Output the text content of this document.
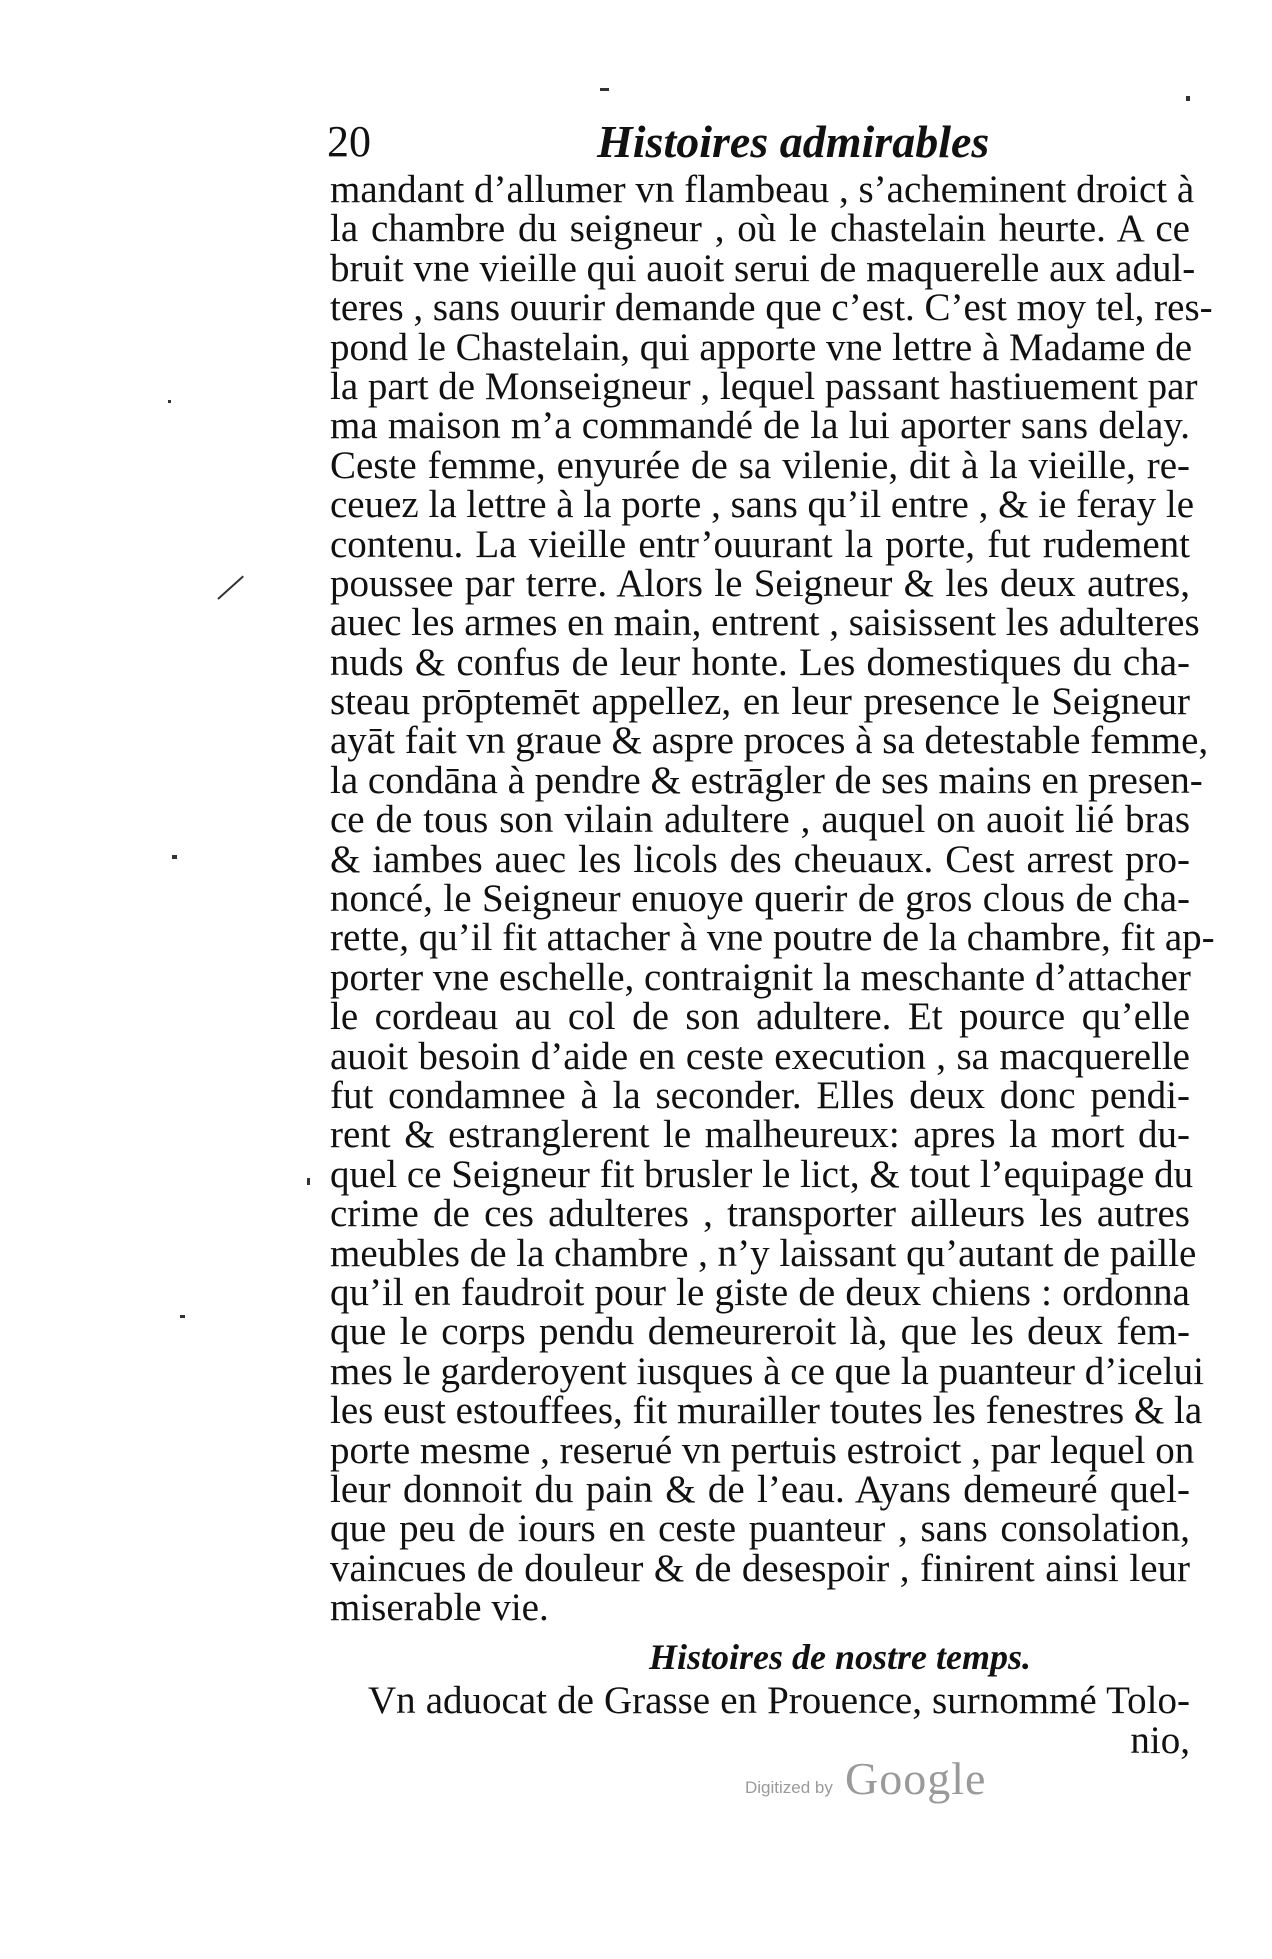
20	Histoires admirables
mandant d’allumer vn flambeau , s’acheminent droict à
la chambre du seigneur , où le chastelain heurte. A ce
bruit vne vieille qui auoit serui de maquerelle aux adul-
teres , sans ouurir demande que c’est. C’est moy tel, res-
pond le Chastelain, qui apporte vne lettre à Madame de
la part de Monseigneur , lequel passant hastiuement par
ma maison m’a commandé de la lui aporter sans delay.
Ceste femme, enyurée de sa vilenie, dit à la vieille, re-
ceuez la lettre à la porte , sans qu’il entre , & ie feray le
contenu. La vieille entr’ouurant la porte, fut rudement
poussee par terre. Alors le Seigneur & les deux autres,
auec les armes en main, entrent , saisissent les adulteres
nuds & confus de leur honte. Les domestiques du cha-
steau prōptemēt appellez, en leur presence le Seigneur
ayāt fait vn graue & aspre proces à sa detestable femme,
la condāna à pendre & estrāgler de ses mains en presen-
ce de tous son vilain adultere , auquel on auoit lié bras
& iambes auec les licols des cheuaux. Cest arrest pro-
noncé, le Seigneur enuoye querir de gros clous de cha-
rette, qu’il fit attacher à vne poutre de la chambre, fit ap-
porter vne eschelle, contraignit la meschante d’attacher
le cordeau au col de son adultere. Et pource qu’elle
auoit besoin d’aide en ceste execution , sa macquerelle
fut condamnee à la seconder. Elles deux donc pendi-
rent & estranglerent le malheureux: apres la mort du-
quel ce Seigneur fit brusler le lict, & tout l’equipage du
crime de ces adulteres , transporter ailleurs les autres
meubles de la chambre , n’y laissant qu’autant de paille
qu’il en faudroit pour le giste de deux chiens : ordonna
que le corps pendu demeureroit là, que les deux fem-
mes le garderoyent iusques à ce que la puanteur d’icelui
les eust estouffees, fit murailler toutes les fenestres & la
porte mesme , reserué vn pertuis estroict , par lequel on
leur donnoit du pain & de l’eau. Ayans demeuré quel-
que peu de iours en ceste puanteur , sans consolation,
vaincues de douleur & de desespoir , finirent ainsi leur
miserable vie.
Histoires de nostre temps.
Vn aduocat de Grasse en Prouence, surnommé Tolo-
nio,
Digitized by Google
